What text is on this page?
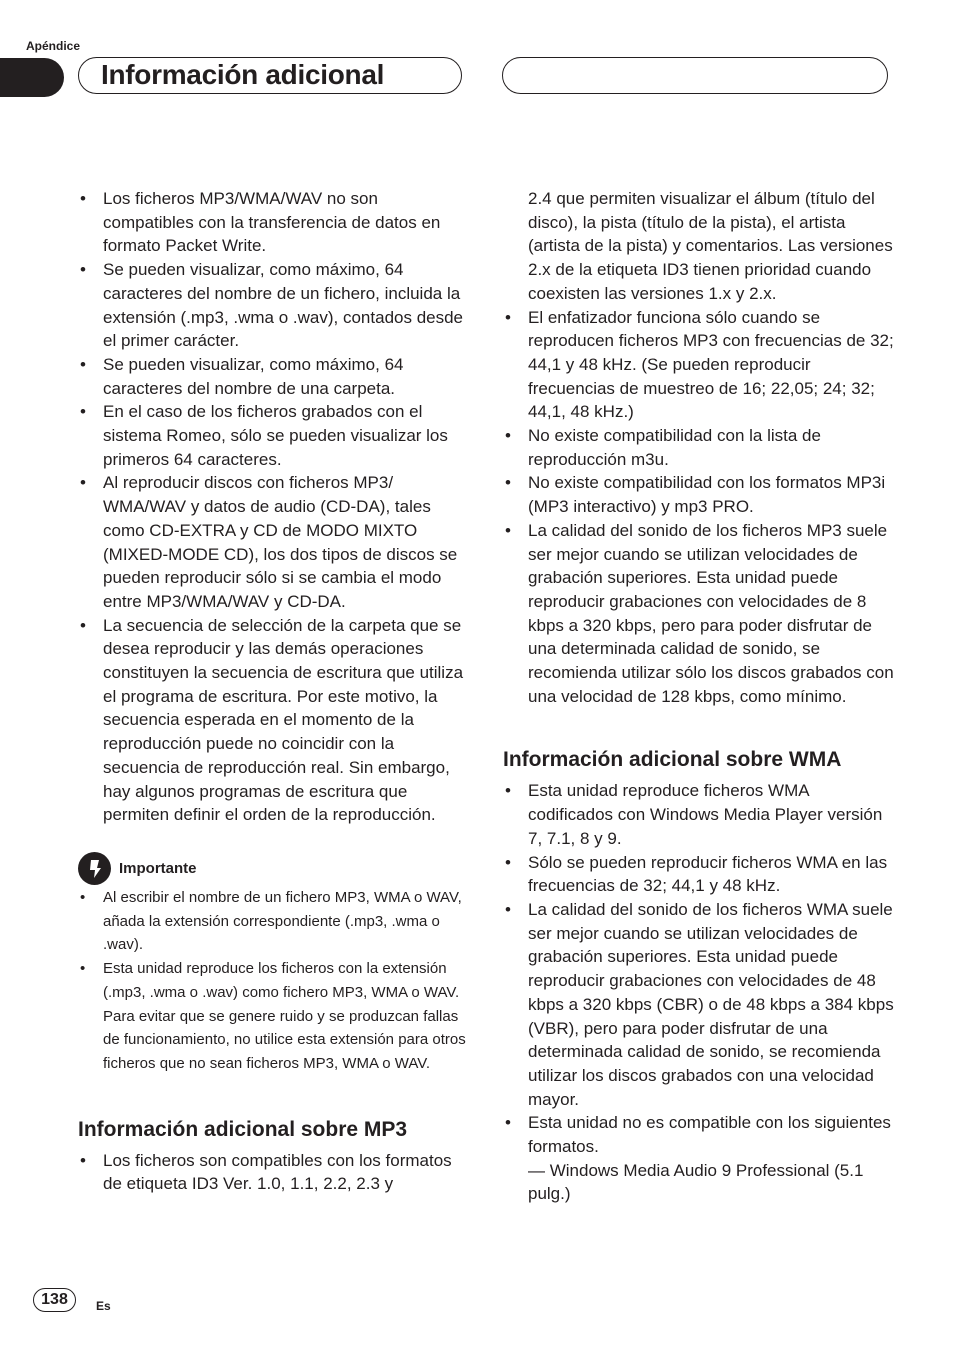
Apéndice
Información adicional
• Los ficheros MP3/WMA/WAV no son compatibles con la transferencia de datos en formato Packet Write.
• Se pueden visualizar, como máximo, 64 caracteres del nombre de un fichero, incluida la extensión (.mp3, .wma o .wav), contados desde el primer carácter.
• Se pueden visualizar, como máximo, 64 caracteres del nombre de una carpeta.
• En el caso de los ficheros grabados con el sistema Romeo, sólo se pueden visualizar los primeros 64 caracteres.
• Al reproducir discos con ficheros MP3/ WMA/WAV y datos de audio (CD-DA), tales como CD-EXTRA y CD de MODO MIXTO (MIXED-MODE CD), los dos tipos de discos se pueden reproducir sólo si se cambia el modo entre MP3/WMA/WAV y CD-DA.
• La secuencia de selección de la carpeta que se desea reproducir y las demás operaciones constituyen la secuencia de escritura que utiliza el programa de escritura. Por este motivo, la secuencia esperada en el momento de la reproducción puede no coincidir con la secuencia de reproducción real. Sin embargo, hay algunos programas de escritura que permiten definir el orden de la reproducción.
Importante
• Al escribir el nombre de un fichero MP3, WMA o WAV, añada la extensión correspondiente (.mp3, .wma o .wav).
• Esta unidad reproduce los ficheros con la extensión (.mp3, .wma o .wav) como fichero MP3, WMA o WAV. Para evitar que se genere ruido y se produzcan fallas de funcionamiento, no utilice esta extensión para otros ficheros que no sean ficheros MP3, WMA o WAV.
Información adicional sobre MP3
• Los ficheros son compatibles con los formatos de etiqueta ID3 Ver. 1.0, 1.1, 2.2, 2.3 y
2.4 que permiten visualizar el álbum (título del disco), la pista (título de la pista), el artista (artista de la pista) y comentarios. Las versiones 2.x de la etiqueta ID3 tienen prioridad cuando coexisten las versiones 1.x y 2.x.
• El enfatizador funciona sólo cuando se reproducen ficheros MP3 con frecuencias de 32; 44,1 y 48 kHz. (Se pueden reproducir frecuencias de muestreo de 16; 22,05; 24; 32; 44,1, 48 kHz.)
• No existe compatibilidad con la lista de reproducción m3u.
• No existe compatibilidad con los formatos MP3i (MP3 interactivo) y mp3 PRO.
• La calidad del sonido de los ficheros MP3 suele ser mejor cuando se utilizan velocidades de grabación superiores. Esta unidad puede reproducir grabaciones con velocidades de 8 kbps a 320 kbps, pero para poder disfrutar de una determinada calidad de sonido, se recomienda utilizar sólo los discos grabados con una velocidad de 128 kbps, como mínimo.
Información adicional sobre WMA
• Esta unidad reproduce ficheros WMA codificados con Windows Media Player versión 7, 7.1, 8 y 9.
• Sólo se pueden reproducir ficheros WMA en las frecuencias de 32; 44,1 y 48 kHz.
• La calidad del sonido de los ficheros WMA suele ser mejor cuando se utilizan velocidades de grabación superiores. Esta unidad puede reproducir grabaciones con velocidades de 48 kbps a 320 kbps (CBR) o de 48 kbps a 384 kbps (VBR), pero para poder disfrutar de una determinada calidad de sonido, se recomienda utilizar los discos grabados con una velocidad mayor.
• Esta unidad no es compatible con los siguientes formatos.
— Windows Media Audio 9 Professional (5.1 pulg.)
138	Es
